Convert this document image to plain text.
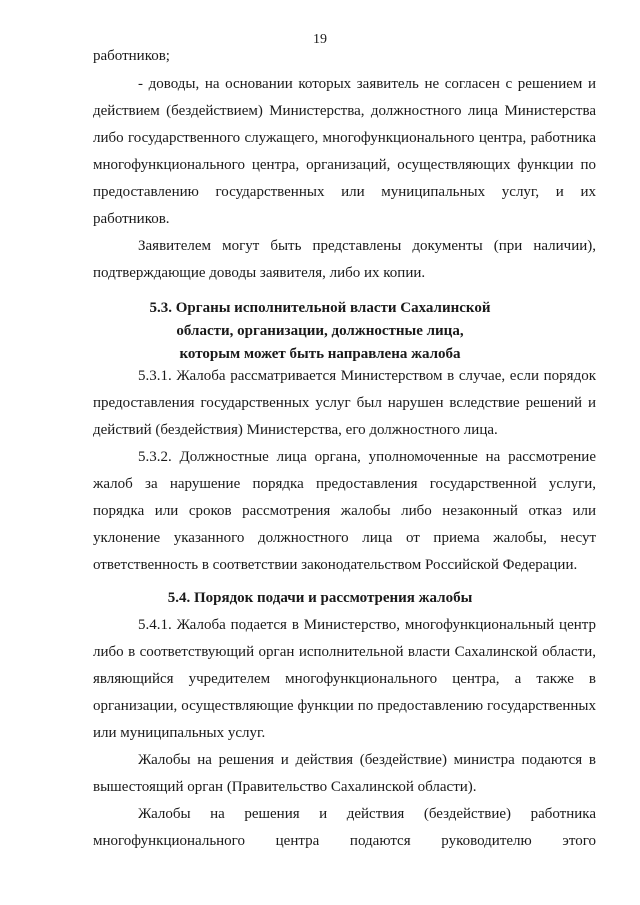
19
работников;
- доводы, на основании которых заявитель не согласен с решением и
действием (бездействием) Министерства, должностного лица Министерства
либо государственного служащего, многофункционального центра, работника
многофункционального центра, организаций, осуществляющих функции по
предоставлению государственных или муниципальных услуг, и их
работников.
Заявителем могут быть представлены документы (при наличии),
подтверждающие доводы заявителя, либо их копии.
5.3. Органы исполнительной власти Сахалинской
области, организации, должностные лица,
которым может быть направлена жалоба
5.3.1. Жалоба рассматривается Министерством в случае, если порядок
предоставления государственных услуг был нарушен вследствие решений и
действий (бездействия) Министерства, его должностного лица.
5.3.2. Должностные лица органа, уполномоченные на рассмотрение
жалоб за нарушение порядка предоставления государственной услуги,
порядка или сроков рассмотрения жалобы либо незаконный отказ или
уклонение указанного должностного лица от приема жалобы, несут
ответственность в соответствии законодательством Российской Федерации.
5.4. Порядок подачи и рассмотрения жалобы
5.4.1. Жалоба подается в Министерство, многофункциональный центр
либо в соответствующий орган исполнительной власти Сахалинской области,
являющийся учредителем многофункционального центра, а также в
организации, осуществляющие функции по предоставлению государственных
или муниципальных услуг.
Жалобы на решения и действия (бездействие) министра подаются в
вышестоящий орган (Правительство Сахалинской области).
Жалобы на решения и действия (бездействие) работника
многофункционального центра подаются руководителю этого
